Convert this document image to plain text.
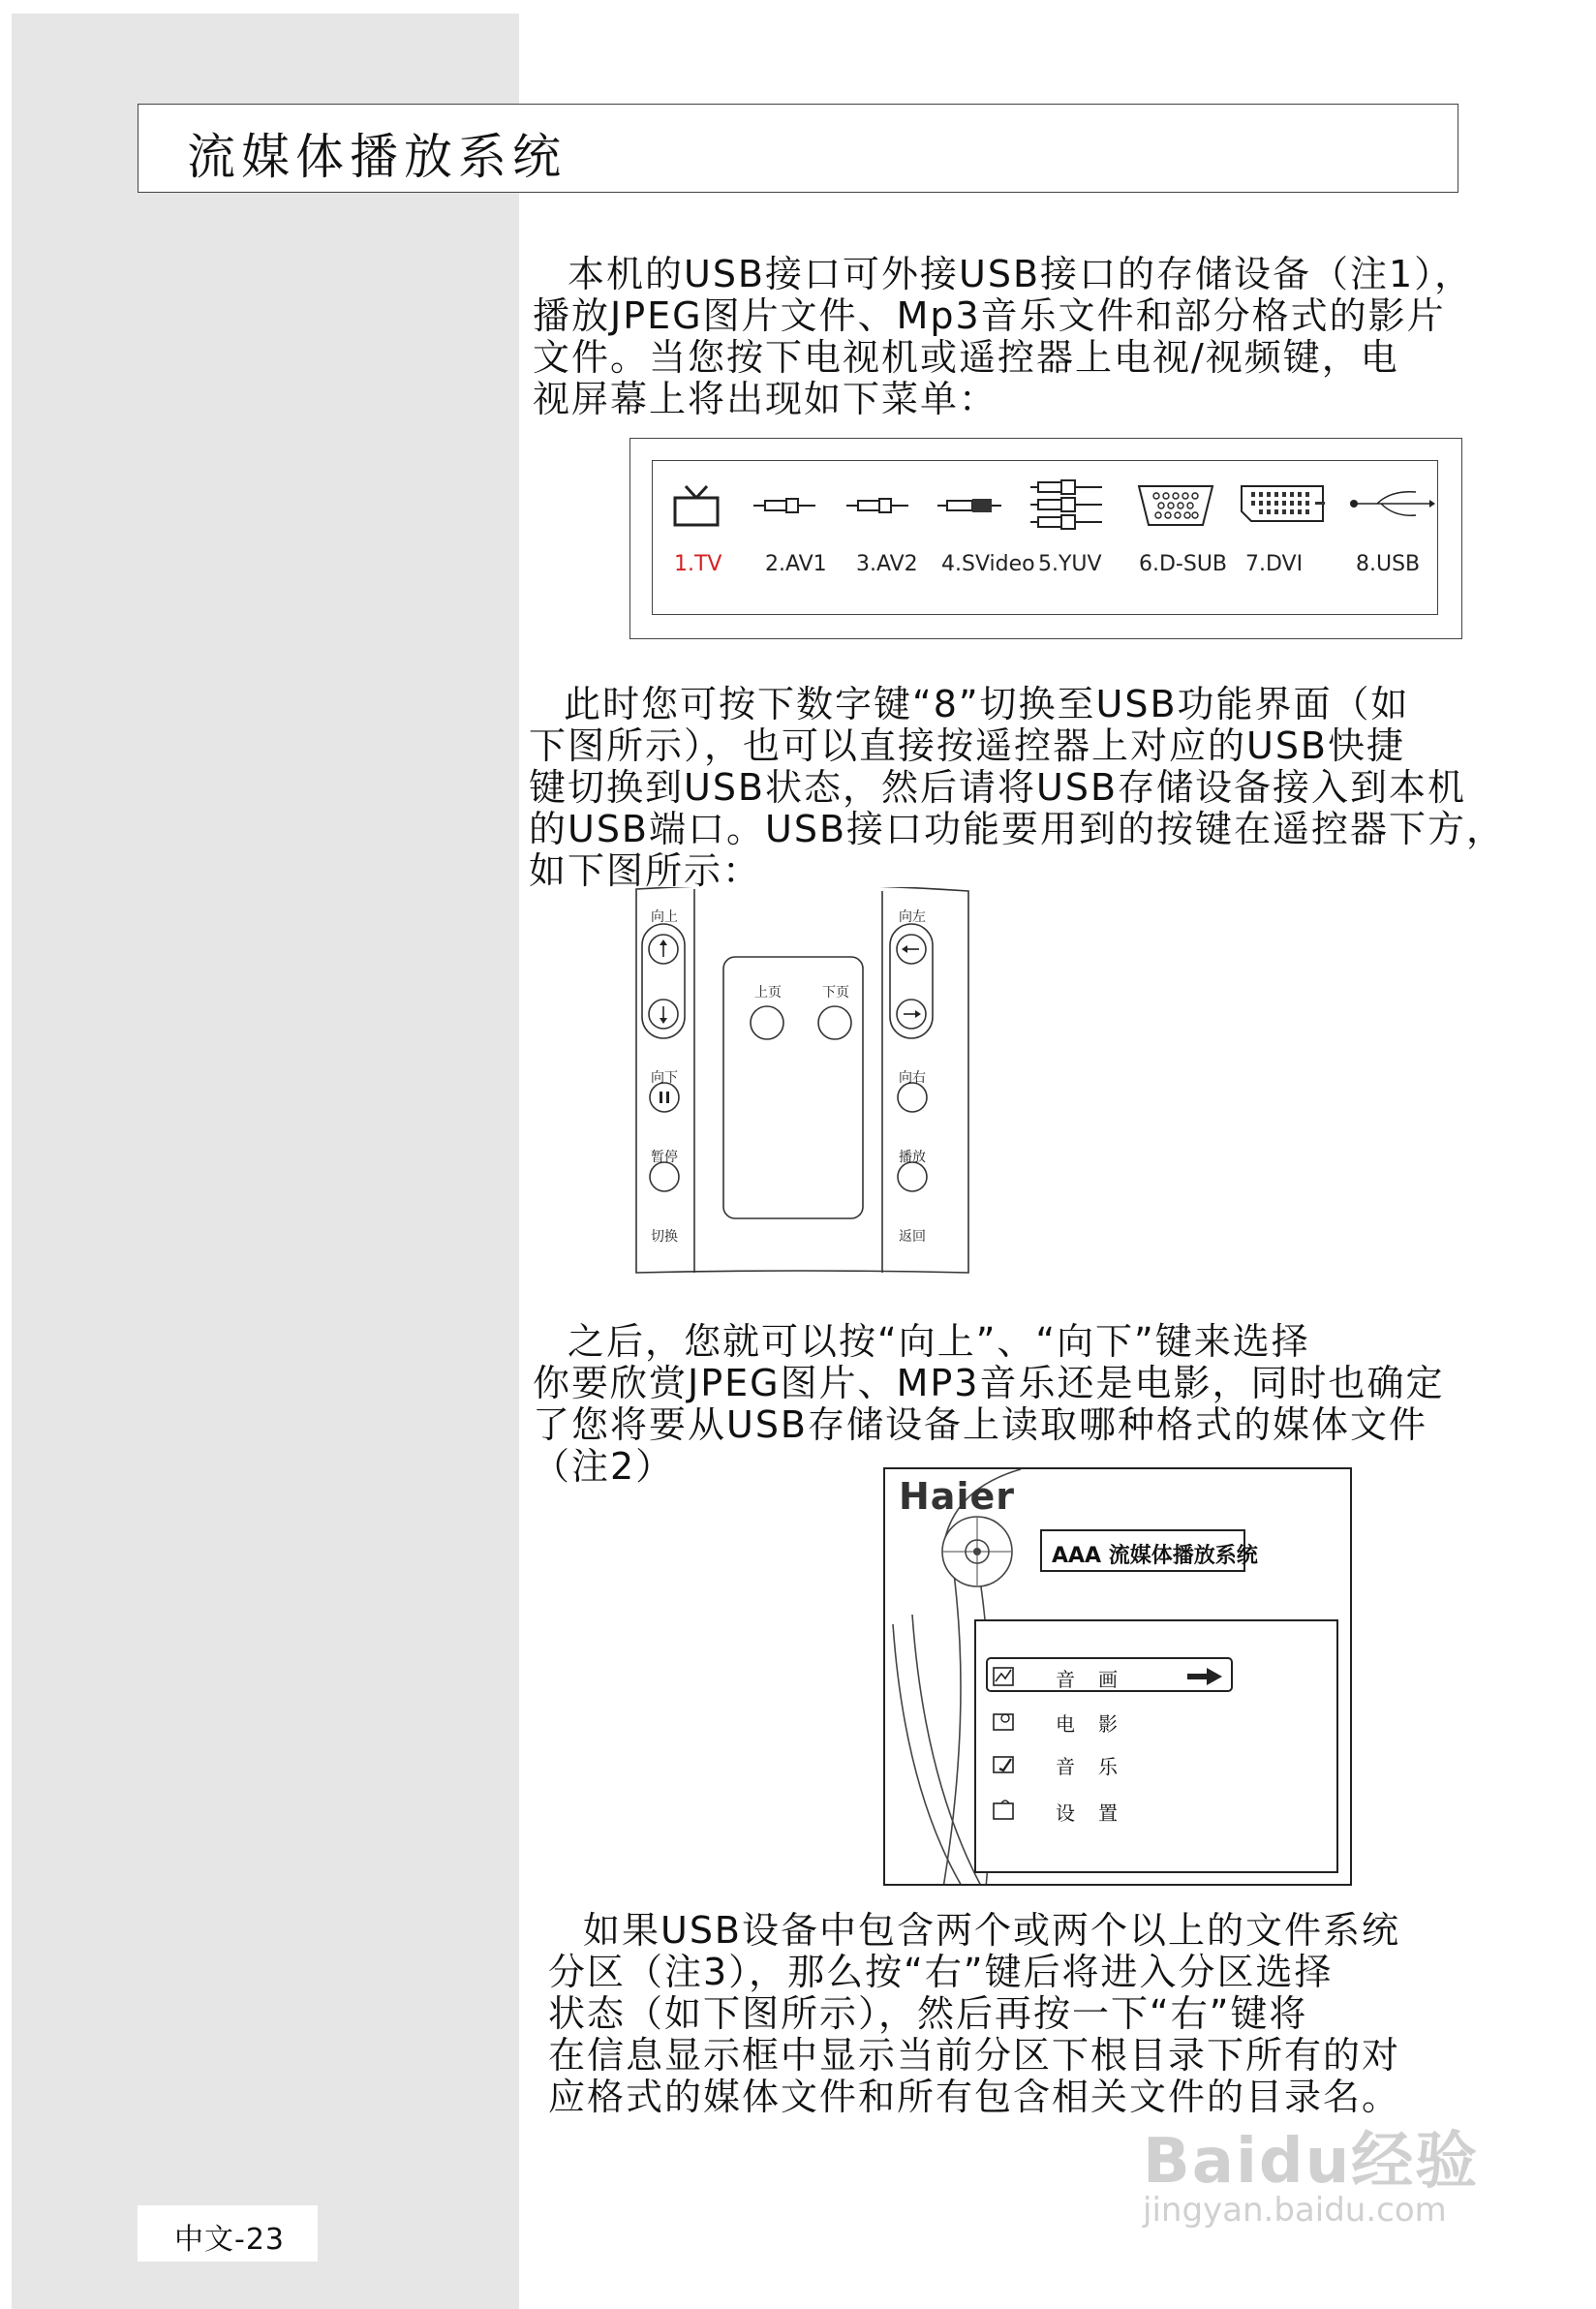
流媒体播放系统
本机的USB接口可外接USB接口的存储设备（注1），
播放JPEG图片文件、Mp3音乐文件和部分格式的影片
文件。当您按下电视机或遥控器上电视/视频键，电
视屏幕上将出现如下菜单：
1.TV 2.AV1 3.AV2 4.SVideo 5.YUV 6.D-SUB 7.DVI 8.USB
此时您可按下数字键“8”切换至USB功能界面（如
下图所示），也可以直接按遥控器上对应的USB快捷
键切换到USB状态，然后请将USB存储设备接入到本机
的USB端口。USB接口功能要用到的按键在遥控器下方，
如下图所示：
向上
向下
暂停
切换
上页	下页
向左
向右
播放
返回
之后，您就可以按“向上”、“向下”键来选择
你要欣赏JPEG图片、MP3音乐还是电影，同时也确定
了您将要从USB存储设备上读取哪种格式的媒体文件
（注2）
Haier
AAA 流媒体播放系统
音画
电影
音乐
设置
如果USB设备中包含两个或两个以上的文件系统
分区（注3），那么按“右”键后将进入分区选择
状态（如下图所示），然后再按一下“右”键将
在信息显示框中显示当前分区下根目录下所有的对
应格式的媒体文件和所有包含相关文件的目录名。
Baidu经验
jingyan.baidu.com
中文-23
